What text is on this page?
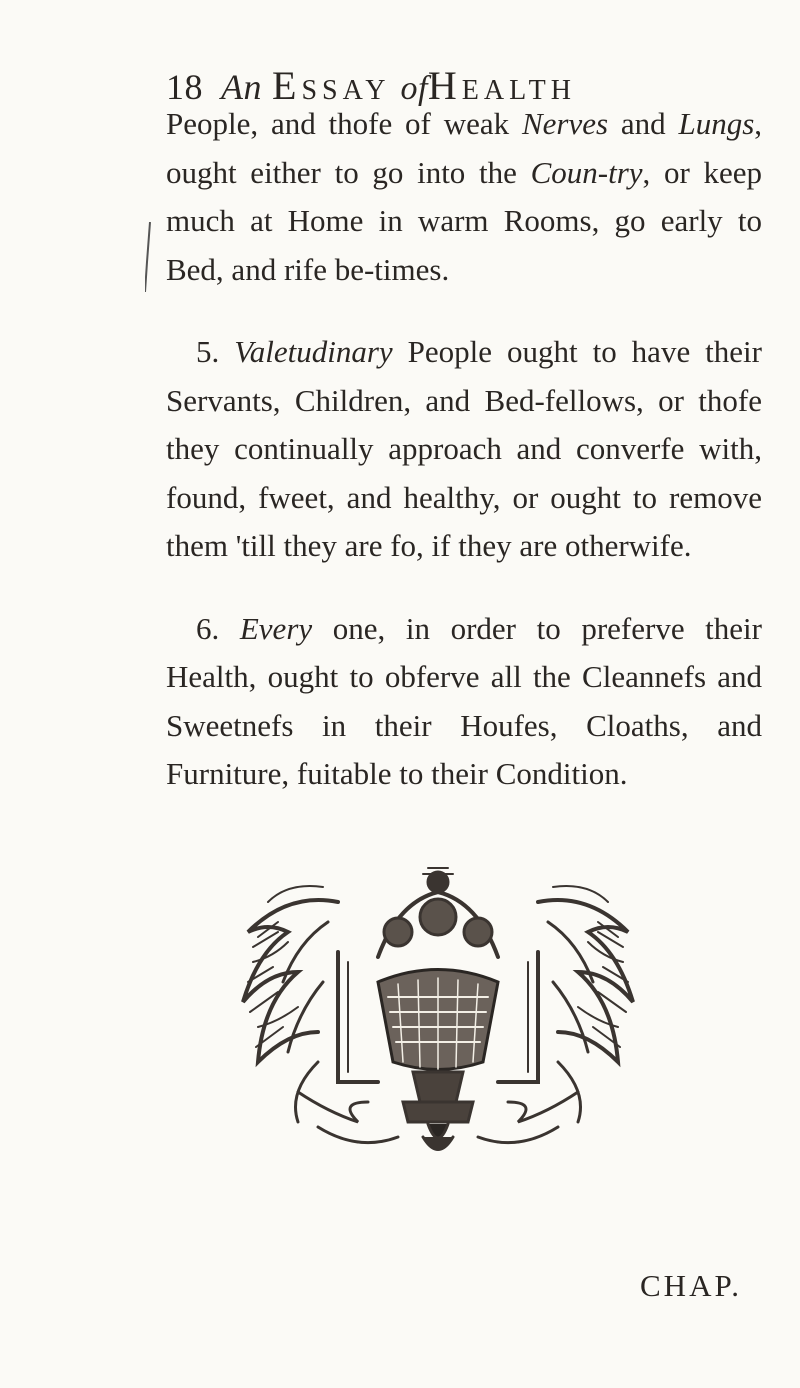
18 An ESSAY ofHEALTH

People, and thofe of weak Nerves and Lungs, ought either to go into the Coun-try, or keep much at Home in warm Rooms, go early to Bed, and rife be-times.

5. Valetudinary People ought to have their Servants, Children, and Bed-fellows, or thofe they continually approach and converfe with, found, fweet, and healthy, or ought to remove them 'till they are fo, if they are otherwife.

6. Every one, in order to preferve their Health, ought to obferve all the Cleannefs and Sweetnefs in their Houfes, Cloaths, and Furniture, fuitable to their Condition.

CHAP.
